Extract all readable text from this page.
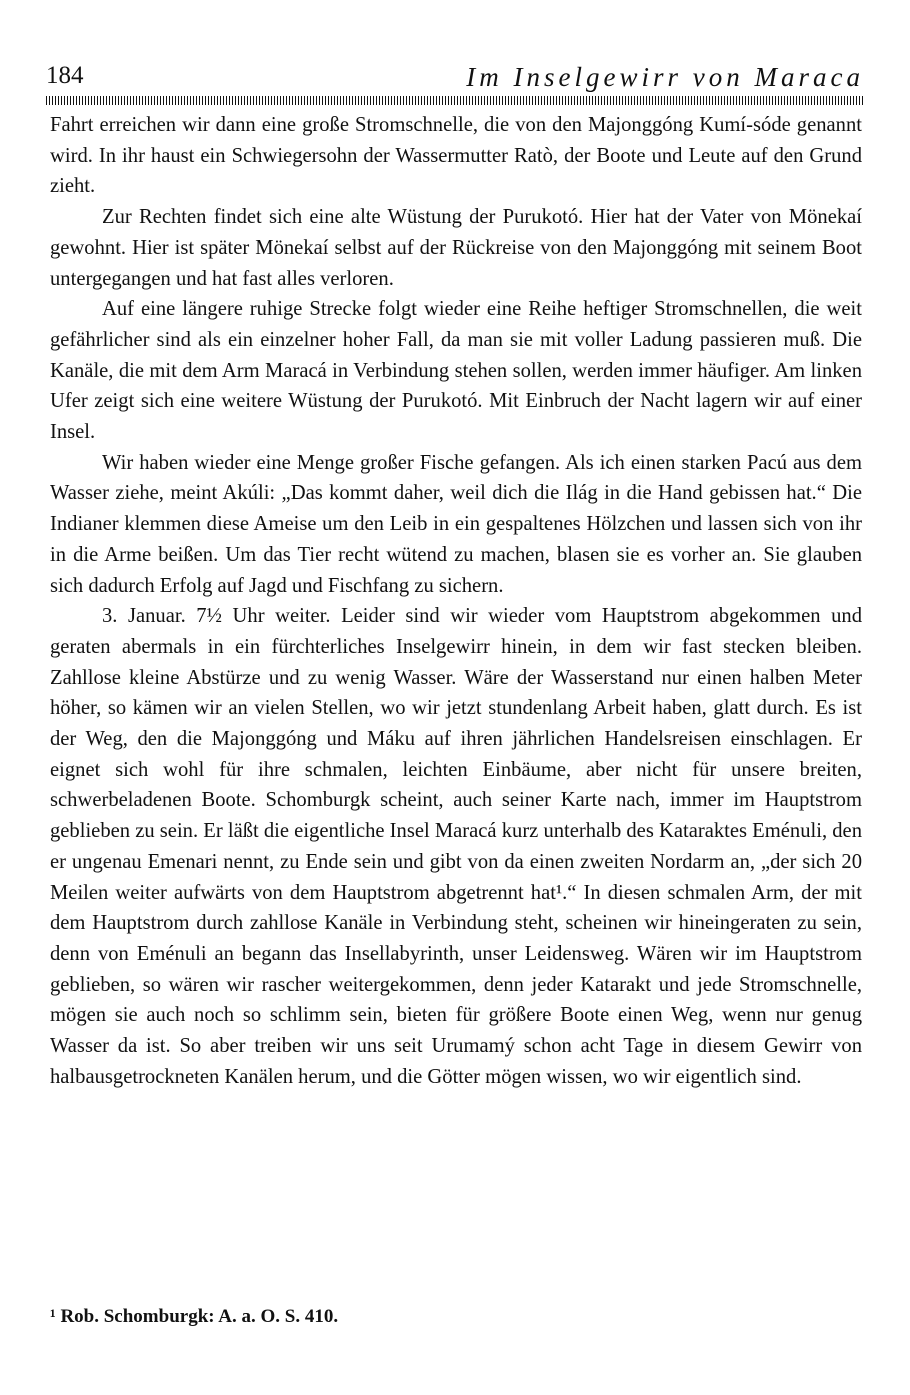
184	Im Inselgewirr von Maraca

Fahrt erreichen wir dann eine große Stromschnelle, die von den Majonggóng Kumí-sóde genannt wird. In ihr haust ein Schwiegersohn der Wassermutter Ratò, der Boote und Leute auf den Grund zieht.

Zur Rechten findet sich eine alte Wüstung der Purukotó. Hier hat der Vater von Mönekaí gewohnt. Hier ist später Mönekaí selbst auf der Rückreise von den Majonggóng mit seinem Boot untergegangen und hat fast alles verloren.

Auf eine längere ruhige Strecke folgt wieder eine Reihe heftiger Stromschnellen, die weit gefährlicher sind als ein einzelner hoher Fall, da man sie mit voller Ladung passieren muß. Die Kanäle, die mit dem Arm Maracá in Verbindung stehen sollen, werden immer häufiger. Am linken Ufer zeigt sich eine weitere Wüstung der Purukotó. Mit Einbruch der Nacht lagern wir auf einer Insel.

Wir haben wieder eine Menge großer Fische gefangen. Als ich einen starken Pacú aus dem Wasser ziehe, meint Akúli: „Das kommt daher, weil dich die Ilág in die Hand gebissen hat.“ Die Indianer klemmen diese Ameise um den Leib in ein gespaltenes Hölzchen und lassen sich von ihr in die Arme beißen. Um das Tier recht wütend zu machen, blasen sie es vorher an. Sie glauben sich dadurch Erfolg auf Jagd und Fischfang zu sichern.

3. Januar. 7½ Uhr weiter. Leider sind wir wieder vom Hauptstrom abgekommen und geraten abermals in ein fürchterliches Inselgewirr hinein, in dem wir fast stecken bleiben. Zahllose kleine Abstürze und zu wenig Wasser. Wäre der Wasserstand nur einen halben Meter höher, so kämen wir an vielen Stellen, wo wir jetzt stundenlang Arbeit haben, glatt durch. Es ist der Weg, den die Majonggóng und Máku auf ihren jährlichen Handelsreisen einschlagen. Er eignet sich wohl für ihre schmalen, leichten Einbäume, aber nicht für unsere breiten, schwerbeladenen Boote. Schomburgk scheint, auch seiner Karte nach, immer im Hauptstrom geblieben zu sein. Er läßt die eigentliche Insel Maracá kurz unterhalb des Kataraktes Eménuli, den er ungenau Emenari nennt, zu Ende sein und gibt von da einen zweiten Nordarm an, „der sich 20 Meilen weiter aufwärts von dem Hauptstrom abgetrennt hat¹.“ In diesen schmalen Arm, der mit dem Hauptstrom durch zahllose Kanäle in Verbindung steht, scheinen wir hineingeraten zu sein, denn von Eménuli an begann das Insellabyrinth, unser Leidensweg. Wären wir im Hauptstrom geblieben, so wären wir rascher weitergekommen, denn jeder Katarakt und jede Stromschnelle, mögen sie auch noch so schlimm sein, bieten für größere Boote einen Weg, wenn nur genug Wasser da ist. So aber treiben wir uns seit Urumamý schon acht Tage in diesem Gewirr von halbausgetrockneten Kanälen herum, und die Götter mögen wissen, wo wir eigentlich sind.

¹ Rob. Schomburgk: A. a. O. S. 410.
